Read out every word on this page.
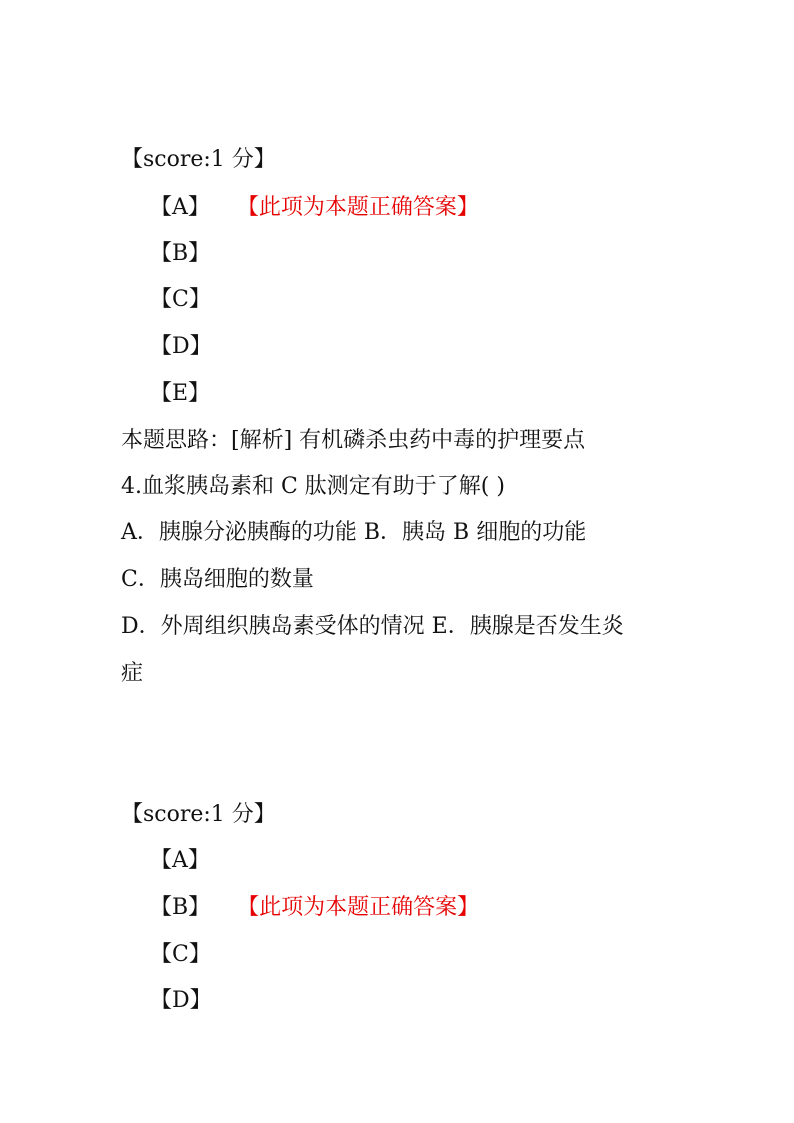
【score:1 分】
【A】 【此项为本题正确答案】
【B】
【C】
【D】
【E】
本题思路：[解析] 有机磷杀虫药中毒的护理要点
4.血浆胰岛素和 C 肽测定有助于了解( )
A．胰腺分泌胰酶的功能 B．胰岛 B 细胞的功能
C．胰岛细胞的数量
D．外周组织胰岛素受体的情况 E．胰腺是否发生炎
症
【score:1 分】
【A】
【B】 【此项为本题正确答案】
【C】
【D】
